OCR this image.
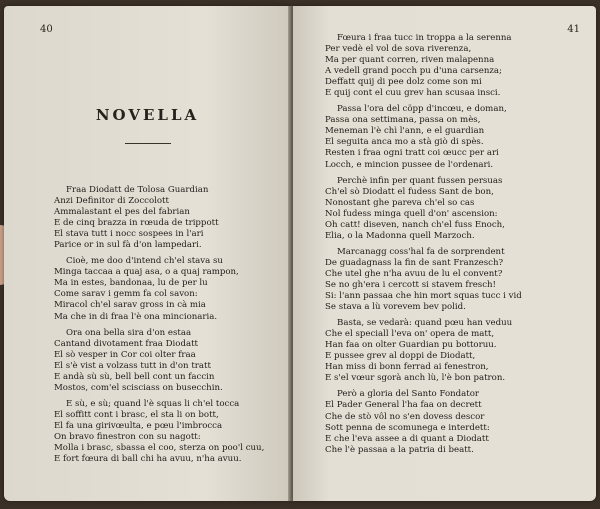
40
NOVELLA
Fraa Diodatt de Tolosa Guardian
Anzi Definitor di Zoccolott
Ammalastant el pes del fabrian
E de cinq brazza in rœuda de trippott
El stava tutt i nocc sospees in l'ari
Parice or in sul fà d'on lampedari.
Cioè, me doo d'intend ch'el stava su
Minga taccaa a quaj asa, o a quaj rampon,
Ma in estes, bandonaa, lu de per lu
Come sarav i gemm fa col savon:
Miracol ch'el sarav gross in cà mia
Ma che in di fraa l'è ona mincionaria.
Ora ona bella sira d'on estaa
Cantand divotament fraa Diodatt
El sò vesper in Cor coi olter fraa
El s'è vist a volzass tutt in d'on tratt
E andà sù sù, bell bell cont un faccin
Mostos, com'el scisciass on busecchin.
E sù, e sù; quand l'è squas li ch'el tocca
El soffitt cont i brasc, el sta li on bott,
El fa una girivœulta, e pœu l'imbrocca
On bravo finestron con su nagott:
Molla i brasc, sbassa el coo, sterza on poo'l cuu,
E fort fœura di ball chi ha avuu, n'ha avuu.
41
Fœura i fraa tucc in troppa a la serenna
Per vedè el vol de sova riverenza,
Ma per quant corren, riven malapenna
A vedell grand pocch pu d'una carsenza;
Deffatt quij di pee dolz come son mi
E quij cont el cuu grev han scusaa insci.
Passa l'ora del cöpp d'incœu, e doman,
Passa ona settimana, passa on mès,
Meneman l'è chì l'ann, e el guardian
El seguita anca mo a stà giò di spès.
Resten i fraa ogni tratt coi œucc per ari
Locch, e mincion pussee de l'ordenari.
Perchè infin per quant fussen persuas
Ch'el sò Diodatt el fudess Sant de bon,
Nonostant ghe pareva ch'el so cas
Nol fudess minga quell d'on' ascension:
Oh catt! diseven, nanch ch'el fuss Enoch,
Elia, o la Madonna quell Marzoch.
Marcanagg coss'hal fa de sorprendent
De guadagnass la fin de sant Franzesch?
Che utel ghe n'ha avuu de lu el convent?
Se no gh'era i cercott si stavem fresch!
Si: l'ann passaa che hin mort squas tucc i vid
Se stava a lù vorevem bev polid.
Basta, se vedarà: quand pœu han veduu
Che el speciall l'eva on' opera de matt,
Han faa on olter Guardian pu bottoruu.
E pussee grev al doppi de Diodatt,
Han miss di bonn ferrad ai fenestron,
E s'el vœur sgorà anch lù, l'è bon patron.
Però a gloria del Santo Fondator
El Pader General l'ha faa on decrett
Che de stò vôl no s'en dovess descor
Sott penna de scomunega e interdett:
E che l'eva assee a di quant a Diodatt
Che l'è passaa a la patria di beatt.
